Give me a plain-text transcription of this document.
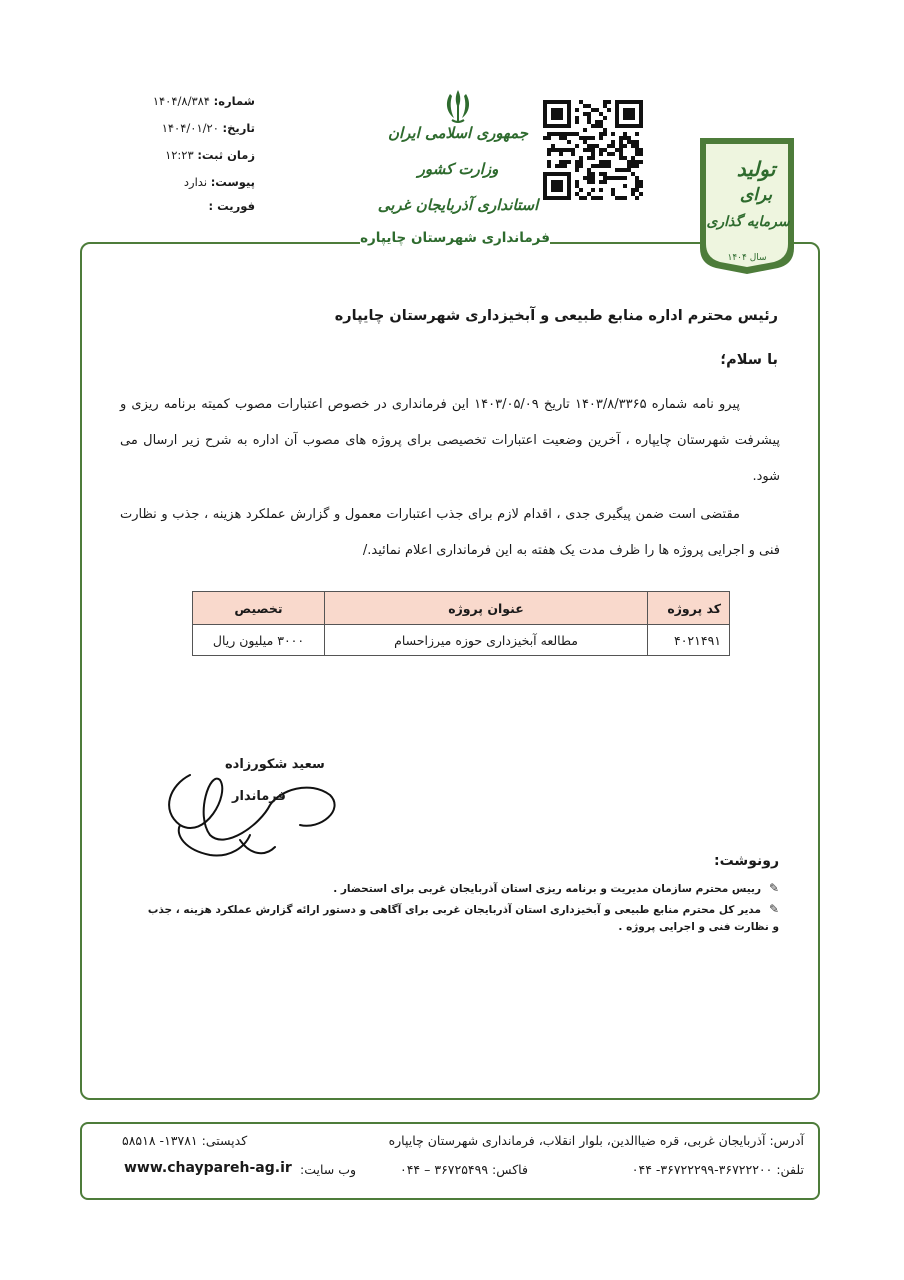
شماره: ۱۴۰۴/۸/۳۸۴
تاریخ: ۱۴۰۴/۰۱/۲۰
زمان ثبت: ۱۲:۲۳
پیوست: ندارد
فوریت :
جمهوری اسلامی ایران
وزارت کشور
استانداری آذربایجان غربی
فرمانداری شهرستان چایپاره
تولید
برای
سرمایه گذاری
سال ۱۴۰۴
رئیس محترم اداره منابع طبیعی و آبخیزداری شهرستان چایپاره
با سلام؛
پیرو نامه شماره ۱۴۰۳/۸/۳۳۶۵ تاریخ ۱۴۰۳/۰۵/۰۹ این فرمانداری در خصوص اعتبارات مصوب کمیته برنامه ریزی و پیشرفت شهرستان چایپاره ، آخرین وضعیت اعتبارات تخصیصی برای پروژه های مصوب آن اداره به شرح زیر ارسال می شود.
مقتضی است ضمن پیگیری جدی ، اقدام لازم برای جذب اعتبارات معمول و گزارش عملکرد هزینه ، جذب و نظارت فنی و اجرایی پروژه ها را ظرف مدت یک هفته به این فرمانداری اعلام نمائید./
کد پروژه	عنوان پروژه	تخصیص
۴۰۲۱۴۹۱	مطالعه آبخیزداری حوزه میرزاحسام	۳۰۰۰ میلیون ریال
سعید شکورزاده
فرماندار
رونوشت:
✎رییس محترم سازمان مدیریت و برنامه ریزی استان آذربایجان غربی برای استحضار .
✎مدیر کل محترم منابع طبیعی و آبخیزداری استان آذربایجان غربی برای آگاهی و دستور ارائه گزارش عملکرد هزینه ، جذب و نظارت فنی و اجرایی پروژه .
آدرس: آذربایجان غربی، قره ضیاالدین، بلوار انقلاب، فرمانداری شهرستان چایپاره
کدپستی: ۱۳۷۸۱- ۵۸۵۱۸
تلفن: ۳۶۷۲۲۲۰۰-۳۶۷۲۲۲۹۹- ۰۴۴
فاکس: ۳۶۷۲۵۴۹۹ – ۰۴۴
وب سایت:
www.chaypareh-ag.ir
